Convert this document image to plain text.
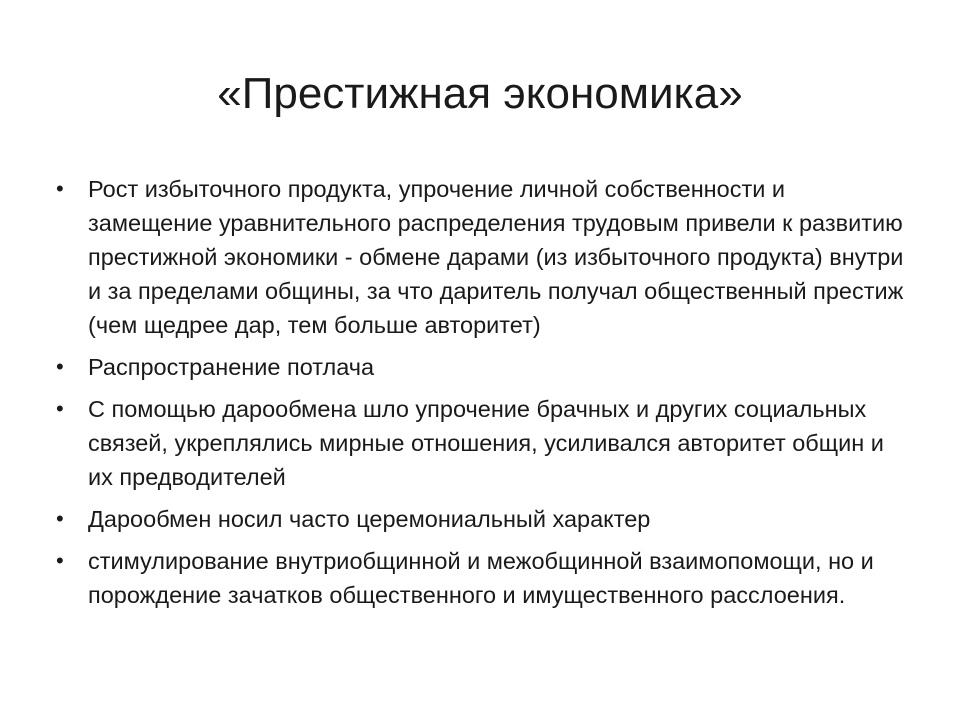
«Престижная экономика»
• Рост избыточного продукта, упрочение личной собственности и замещение уравнительного распределения трудовым привели к развитию престижной экономики - обмене дарами (из избыточного продукта) внутри и за пределами общины, за что даритель получал общественный престиж (чем щедрее дар, тем больше авторитет)
• Распространение потлача
• С помощью дарообмена шло упрочение брачных и других социальных связей, укреплялись мирные отношения, усиливался авторитет общин и их предводителей
• Дарообмен носил часто церемониальный характер
• стимулирование внутриобщинной и межобщинной взаимопомощи, но и порождение зачатков общественного и имущественного расслоения.
